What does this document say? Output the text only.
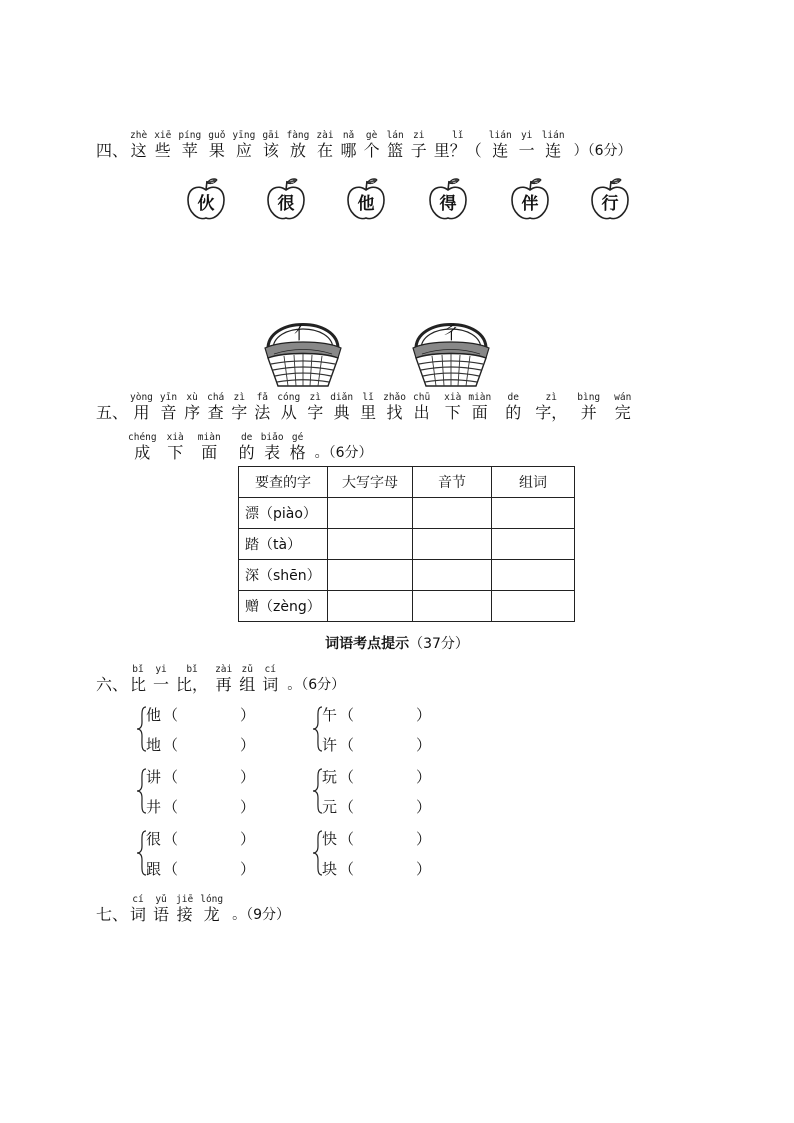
四、
zhè
这
xiē
些
píng
苹
guǒ
果
yīng
应
gāi
该
fàng
放
zài
在
nǎ
哪
gè
个
lán
篮
zi
子
lǐ
里？（
lián
连
yi
一
lián
连 ）（6分）
伙	很	他	得	伴	行
亻	彳
五、
yòng
用
yīn
音
xù
序
chá
查
zì
字
fǎ
法
cóng
从
zì
字
diǎn
典
lǐ
里
zhǎo
找
chū
出
xià
下
miàn
面
de
的
zì
字，
bìng
并
wán
完
chéng
成
xià
下
miàn
面
de
的
biǎo
表
gé
格 。（6分）
要查的字	大写字母	音节	组词
漂（piào）			
踏（tà）			
深（shēn）			
赠（zèng）			
词语考点提示（37分）
六、
bǐ
比
yi
一
bǐ
比，
zài
再
zǔ
组
cí
词 。（6分）
他 （	）
地 （	）
午 （	）
许 （	）
讲 （	）
井 （	）
玩 （	）
元 （	）
很 （	）
跟 （	）
快 （	）
块 （	）
七、
cí
词
yǔ
语
jiē
接
lóng
龙 。（9分）
